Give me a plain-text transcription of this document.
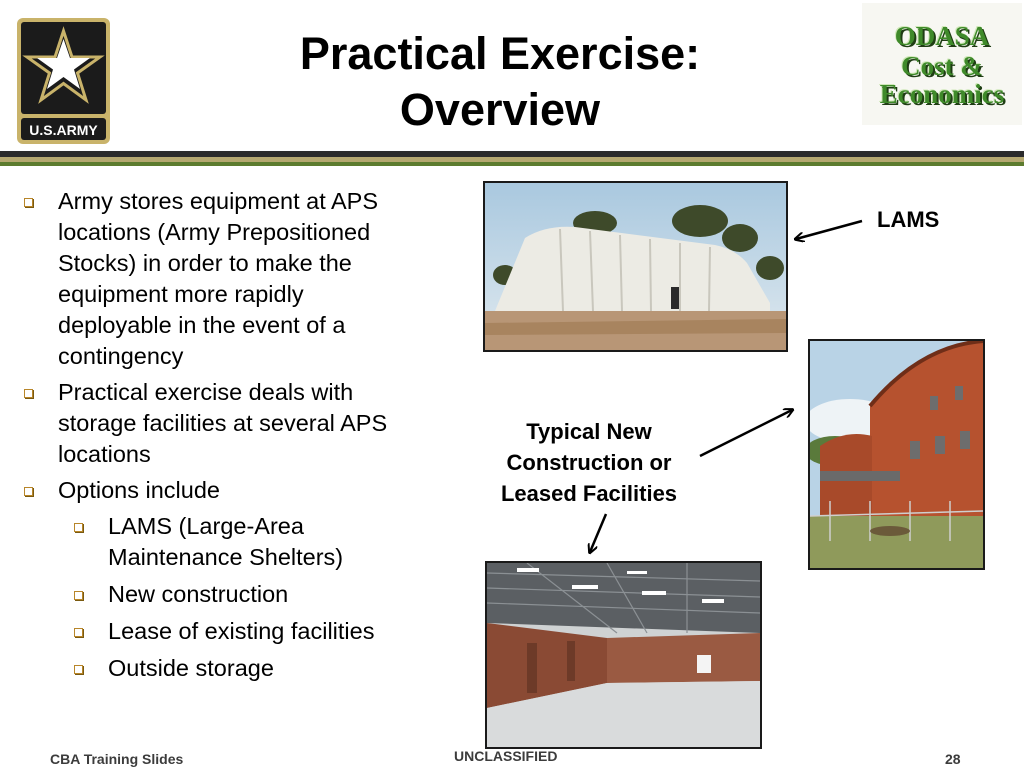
U.S.ARMY
Practical Exercise:
Overview
ODASA
Cost &
Economics
Army stores equipment at APS locations (Army Prepositioned Stocks) in order to make the equipment more rapidly deployable in the event of a contingency
Practical exercise deals with storage facilities at several APS locations
Options include
LAMS (Large-Area Maintenance Shelters)
New construction
Lease of existing facilities
Outside storage
LAMS
Typical New
Construction or
Leased Facilities
CBA Training Slides	UNCLASSIFIED	28
